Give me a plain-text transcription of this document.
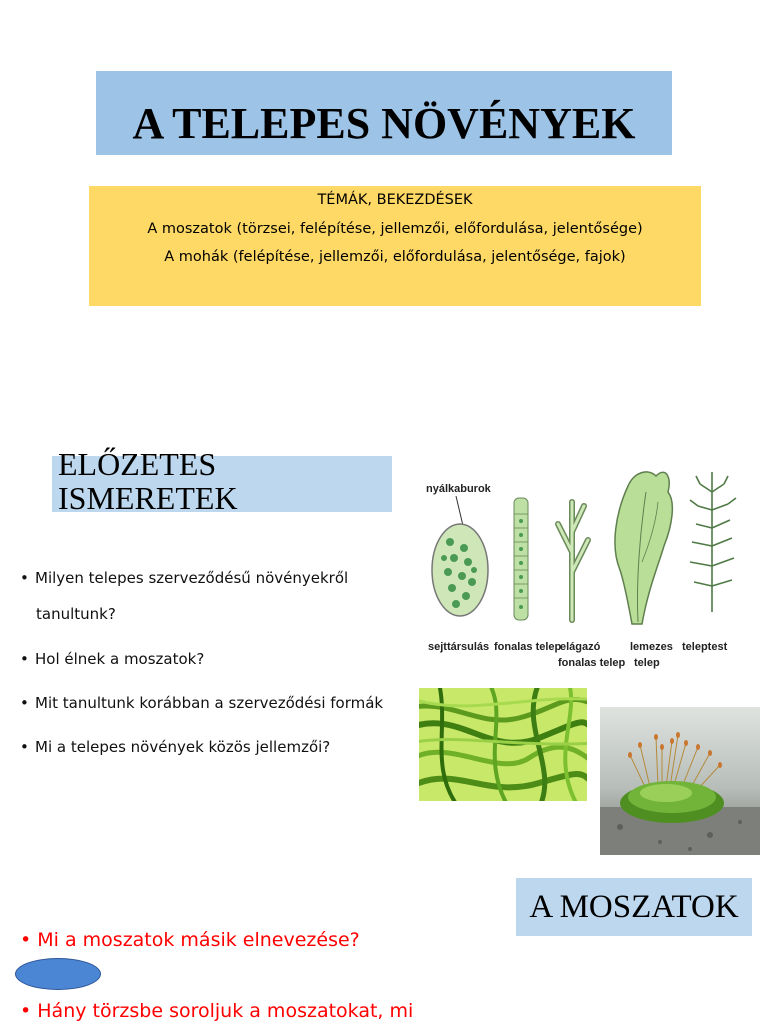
A TELEPES NÖVÉNYEK
TÉMÁK, BEKEZDÉSEK
A moszatok (törzsei, felépítése, jellemzői, előfordulása, jelentősége)
A mohák (felépítése, jellemzői, előfordulása, jelentősége, fajok)
ELŐZETES
ISMERETEK
• Milyen telepes szerveződésű növényekről
tanultunk?
• Hol élnek a moszatok?
• Mit tanultunk korábban a szerveződési formák
• Mi a telepes növények közös jellemzői?
nyálkaburok
sejttársulás fonalas telep
elágazó
fonalas telep
lemezes
telep
teleptest
A MOSZATOK
• Mi a moszatok másik elnevezése?
• Hány törzsbe soroljuk a moszatokat, mi
